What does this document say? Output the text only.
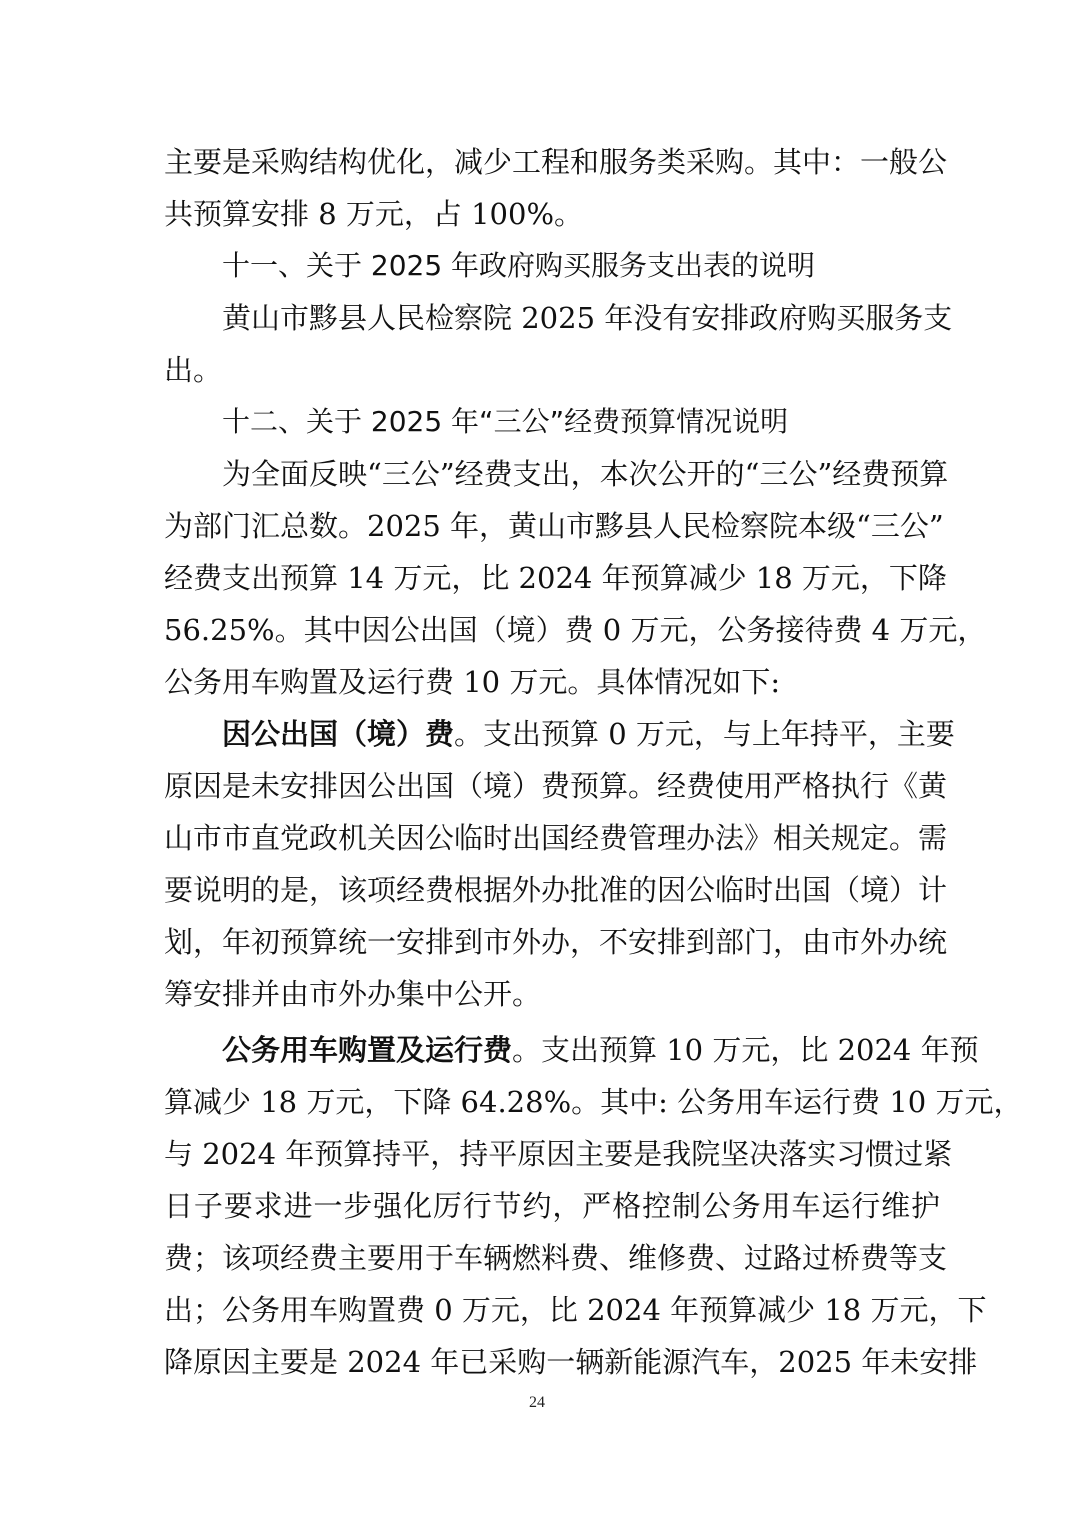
主要是采购结构优化，减少工程和服务类采购。其中：一般公
共预算安排 8 万元，占 100%。
十一、关于 2025 年政府购买服务支出表的说明
黄山市黟县人民检察院 2025 年没有安排政府购买服务支
出。
十二、关于 2025 年“三公”经费预算情况说明
为全面反映“三公”经费支出，本次公开的“三公”经费预算
为部门汇总数。2025 年，黄山市黟县人民检察院本级“三公”
经费支出预算 14 万元，比 2024 年预算减少 18 万元，下降
56.25%。其中因公出国（境）费 0 万元，公务接待费 4 万元，
公务用车购置及运行费 10 万元。具体情况如下:
因公出国（境）费。支出预算 0 万元，与上年持平，主要
原因是未安排因公出国（境）费预算。经费使用严格执行《黄
山市市直党政机关因公临时出国经费管理办法》相关规定。需
要说明的是，该项经费根据外办批准的因公临时出国（境）计
划，年初预算统一安排到市外办，不安排到部门，由市外办统
筹安排并由市外办集中公开。
公务用车购置及运行费。支出预算 10 万元，比 2024 年预
算减少 18 万元，下降 64.28%。其中: 公务用车运行费 10 万元，
与 2024 年预算持平，持平原因主要是我院坚决落实习惯过紧
日子要求进一步强化厉行节约，严格控制公务用车运行维护
费；该项经费主要用于车辆燃料费、维修费、过路过桥费等支
出；公务用车购置费 0 万元，比 2024 年预算减少 18 万元，下
降原因主要是 2024 年已采购一辆新能源汽车，2025 年未安排
24
